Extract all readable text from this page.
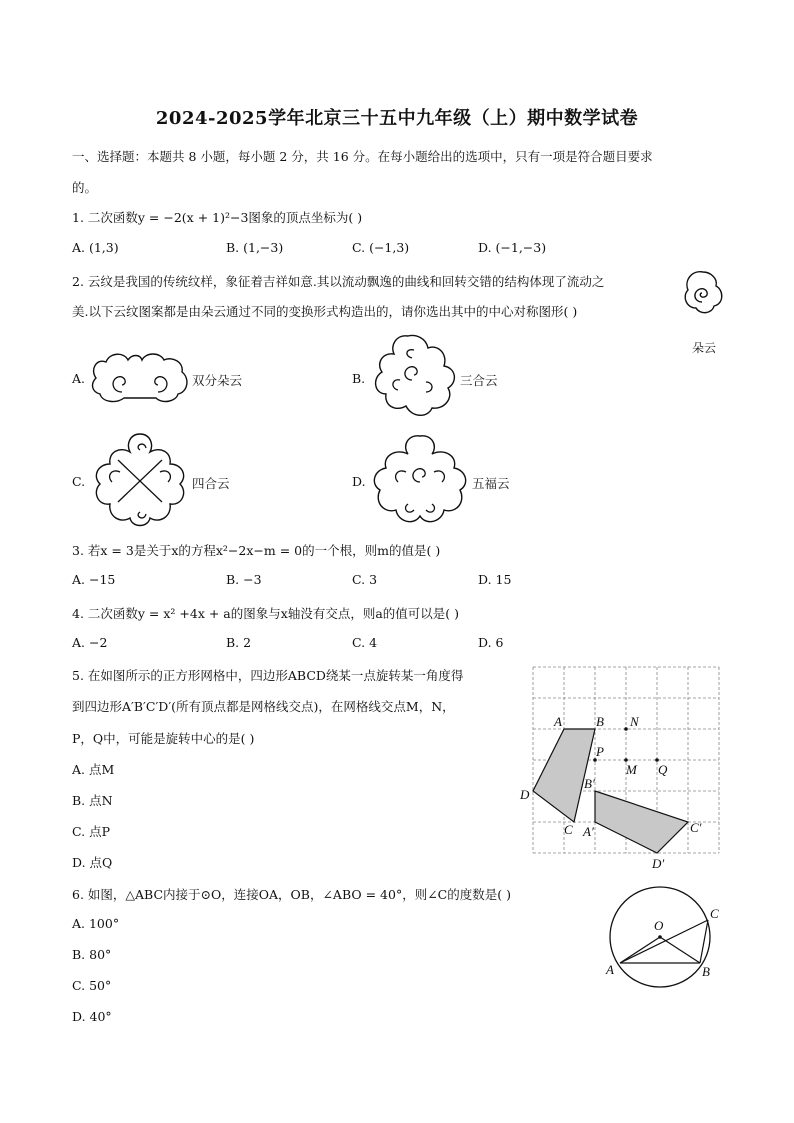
2024-2025学年北京三十五中九年级（上）期中数学试卷
一、选择题：本题共 8 小题，每小题 2 分，共 16 分。在每小题给出的选项中，只有一项是符合题目要求
的。
1. 二次函数y = −2(x + 1)²−3图象的顶点坐标为( )
A. (1,3)	B. (1,−3)	C. (−1,3)	D. (−1,−3)
2. 云纹是我国的传统纹样，象征着吉祥如意.其以流动飘逸的曲线和回转交错的结构体现了流动之
美.以下云纹图案都是由朵云通过不同的变换形式构造出的，请你选出其中的中心对称图形( )
朵云
A.	双分朵云	B.	三合云
C.	四合云	D.	五福云
3. 若x = 3是关于x的方程x²−2x−m = 0的一个根，则m的值是( )
A. −15	B. −3	C. 3	D. 15
4. 二次函数y = x² +4x + a的图象与x轴没有交点，则a的值可以是( )
A. −2	B. 2	C. 4	D. 6
5. 在如图所示的正方形网格中，四边形ABCD绕某一点旋转某一角度得
到四边形A′B′C′D′(所有顶点都是网格线交点)，在网格线交点M，N，
P，Q中，可能是旋转中心的是( )
A. 点M
B. 点N
C. 点P
D. 点Q
A	B N
P
M Q
B′
D
C A′	C′
D′
6. 如图，△ABC内接于⊙O，连接OA，OB，∠ABO = 40°，则∠C的度数是( )
A. 100°
B. 80°
C. 50°
D. 40°
O
A	B
C
